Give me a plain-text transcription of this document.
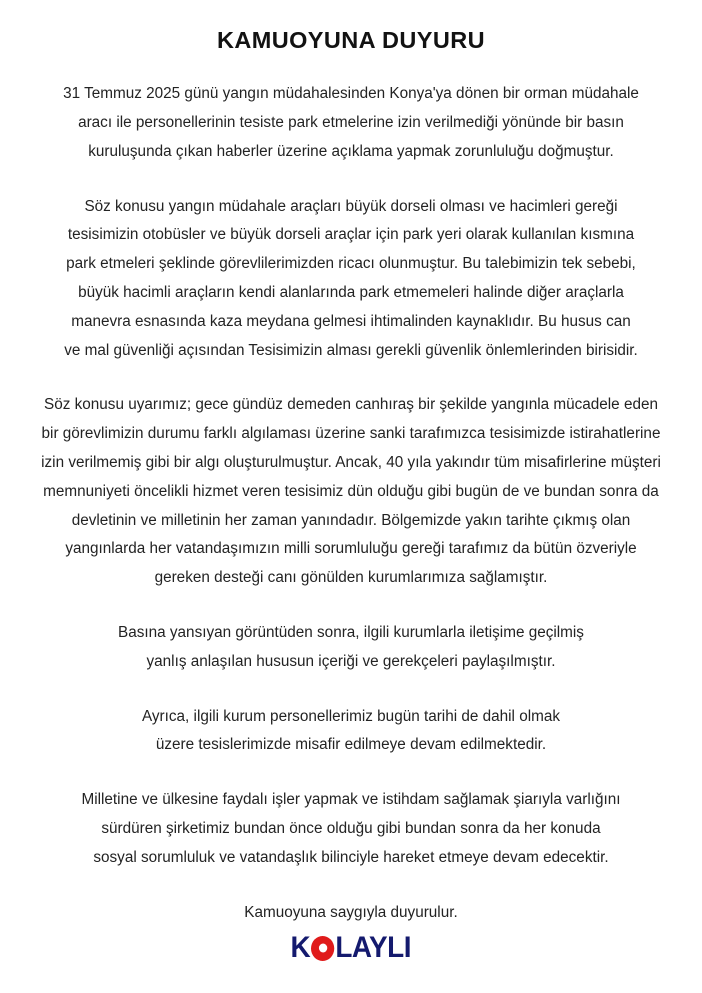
KAMUOYUNA DUYURU

31 Temmuz 2025 günü yangın müdahalesinden Konya'ya dönen bir orman müdahale aracı ile personellerinin tesiste park etmelerine izin verilmediği yönünde bir basın kuruluşunda çıkan haberler üzerine açıklama yapmak zorunluluğu doğmuştur.

Söz konusu yangın müdahale araçları büyük dorseli olması ve hacimleri gereği tesisimizin otobüsler ve büyük dorseli araçlar için park yeri olarak kullanılan kısmına park etmeleri şeklinde görevlilerimizden ricacı olunmuştur. Bu talebimizin tek sebebi, büyük hacimli araçların kendi alanlarında park etmemeleri halinde diğer araçlarla manevra esnasında kaza meydana gelmesi ihtimalinden kaynaklıdır. Bu husus can ve mal güvenliği açısından Tesisimizin alması gerekli güvenlik önlemlerinden birisidir.

Söz konusu uyarımız; gece gündüz demeden canhıraş bir şekilde yangınla mücadele eden bir görevlimizin durumu farklı algılaması üzerine sanki tarafımızca tesisimizde istirahatlerine izin verilmemiş gibi bir algı oluşturulmuştur. Ancak, 40 yıla yakındır tüm misafirlerine müşteri memnuniyeti öncelikli hizmet veren tesisimiz dün olduğu gibi bugün de ve bundan sonra da devletinin ve milletinin her zaman yanındadır. Bölgemizde yakın tarihte çıkmış olan yangınlarda her vatandaşımızın milli sorumluluğu gereği tarafımız da bütün özveriyle gereken desteği canı gönülden kurumlarımıza sağlamıştır.

Basına yansıyan görüntüden sonra, ilgili kurumlarla iletişime geçilmiş yanlış anlaşılan hususun içeriği ve gerekçeleri paylaşılmıştır.

Ayrıca, ilgili kurum personellerimiz bugün tarihi de dahil olmak üzere tesislerimizde misafir edilmeye devam edilmektedir.

Milletine ve ülkesine faydalı işler yapmak ve istihdam sağlamak şiarıyla varlığını sürdüren şirketimiz bundan önce olduğu gibi bundan sonra da her konuda sosyal sorumluluk ve vatandaşlık bilinciyle hareket etmeye devam edecektir.

Kamuoyuna saygıyla duyurulur.

K LAYLI
